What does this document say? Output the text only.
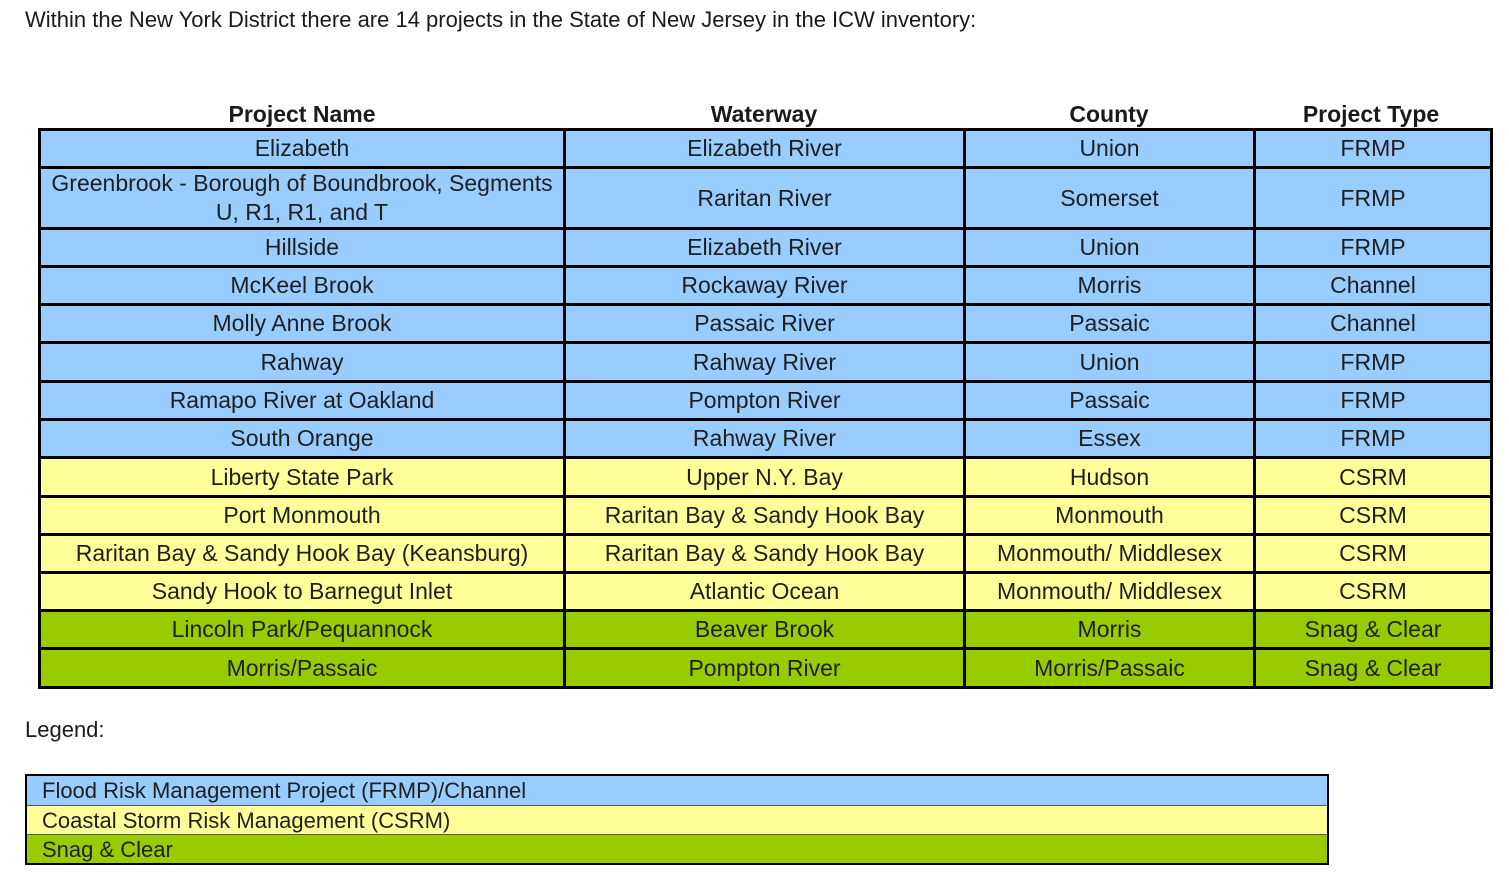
Within the New York District there are 14 projects in the State of New Jersey in the ICW inventory:
Project Name	Waterway	County	Project Type
Elizabeth	Elizabeth River	Union	FRMP
Greenbrook - Borough of Boundbrook, Segments U, R1, R1, and T	Raritan River	Somerset	FRMP
Hillside	Elizabeth River	Union	FRMP
McKeel Brook	Rockaway River	Morris	Channel
Molly Anne Brook	Passaic River	Passaic	Channel
Rahway	Rahway River	Union	FRMP
Ramapo River at Oakland	Pompton River	Passaic	FRMP
South Orange	Rahway River	Essex	FRMP
Liberty State Park	Upper N.Y. Bay	Hudson	CSRM
Port Monmouth	Raritan Bay & Sandy Hook Bay	Monmouth	CSRM
Raritan Bay & Sandy Hook Bay (Keansburg)	Raritan Bay & Sandy Hook Bay	Monmouth/ Middlesex	CSRM
Sandy Hook to Barnegut Inlet	Atlantic Ocean	Monmouth/ Middlesex	CSRM
Lincoln Park/Pequannock	Beaver Brook	Morris	Snag & Clear
Morris/Passaic	Pompton River	Morris/Passaic	Snag & Clear
Legend:
Flood Risk Management Project (FRMP)/Channel
Coastal Storm Risk Management (CSRM)
Snag & Clear
